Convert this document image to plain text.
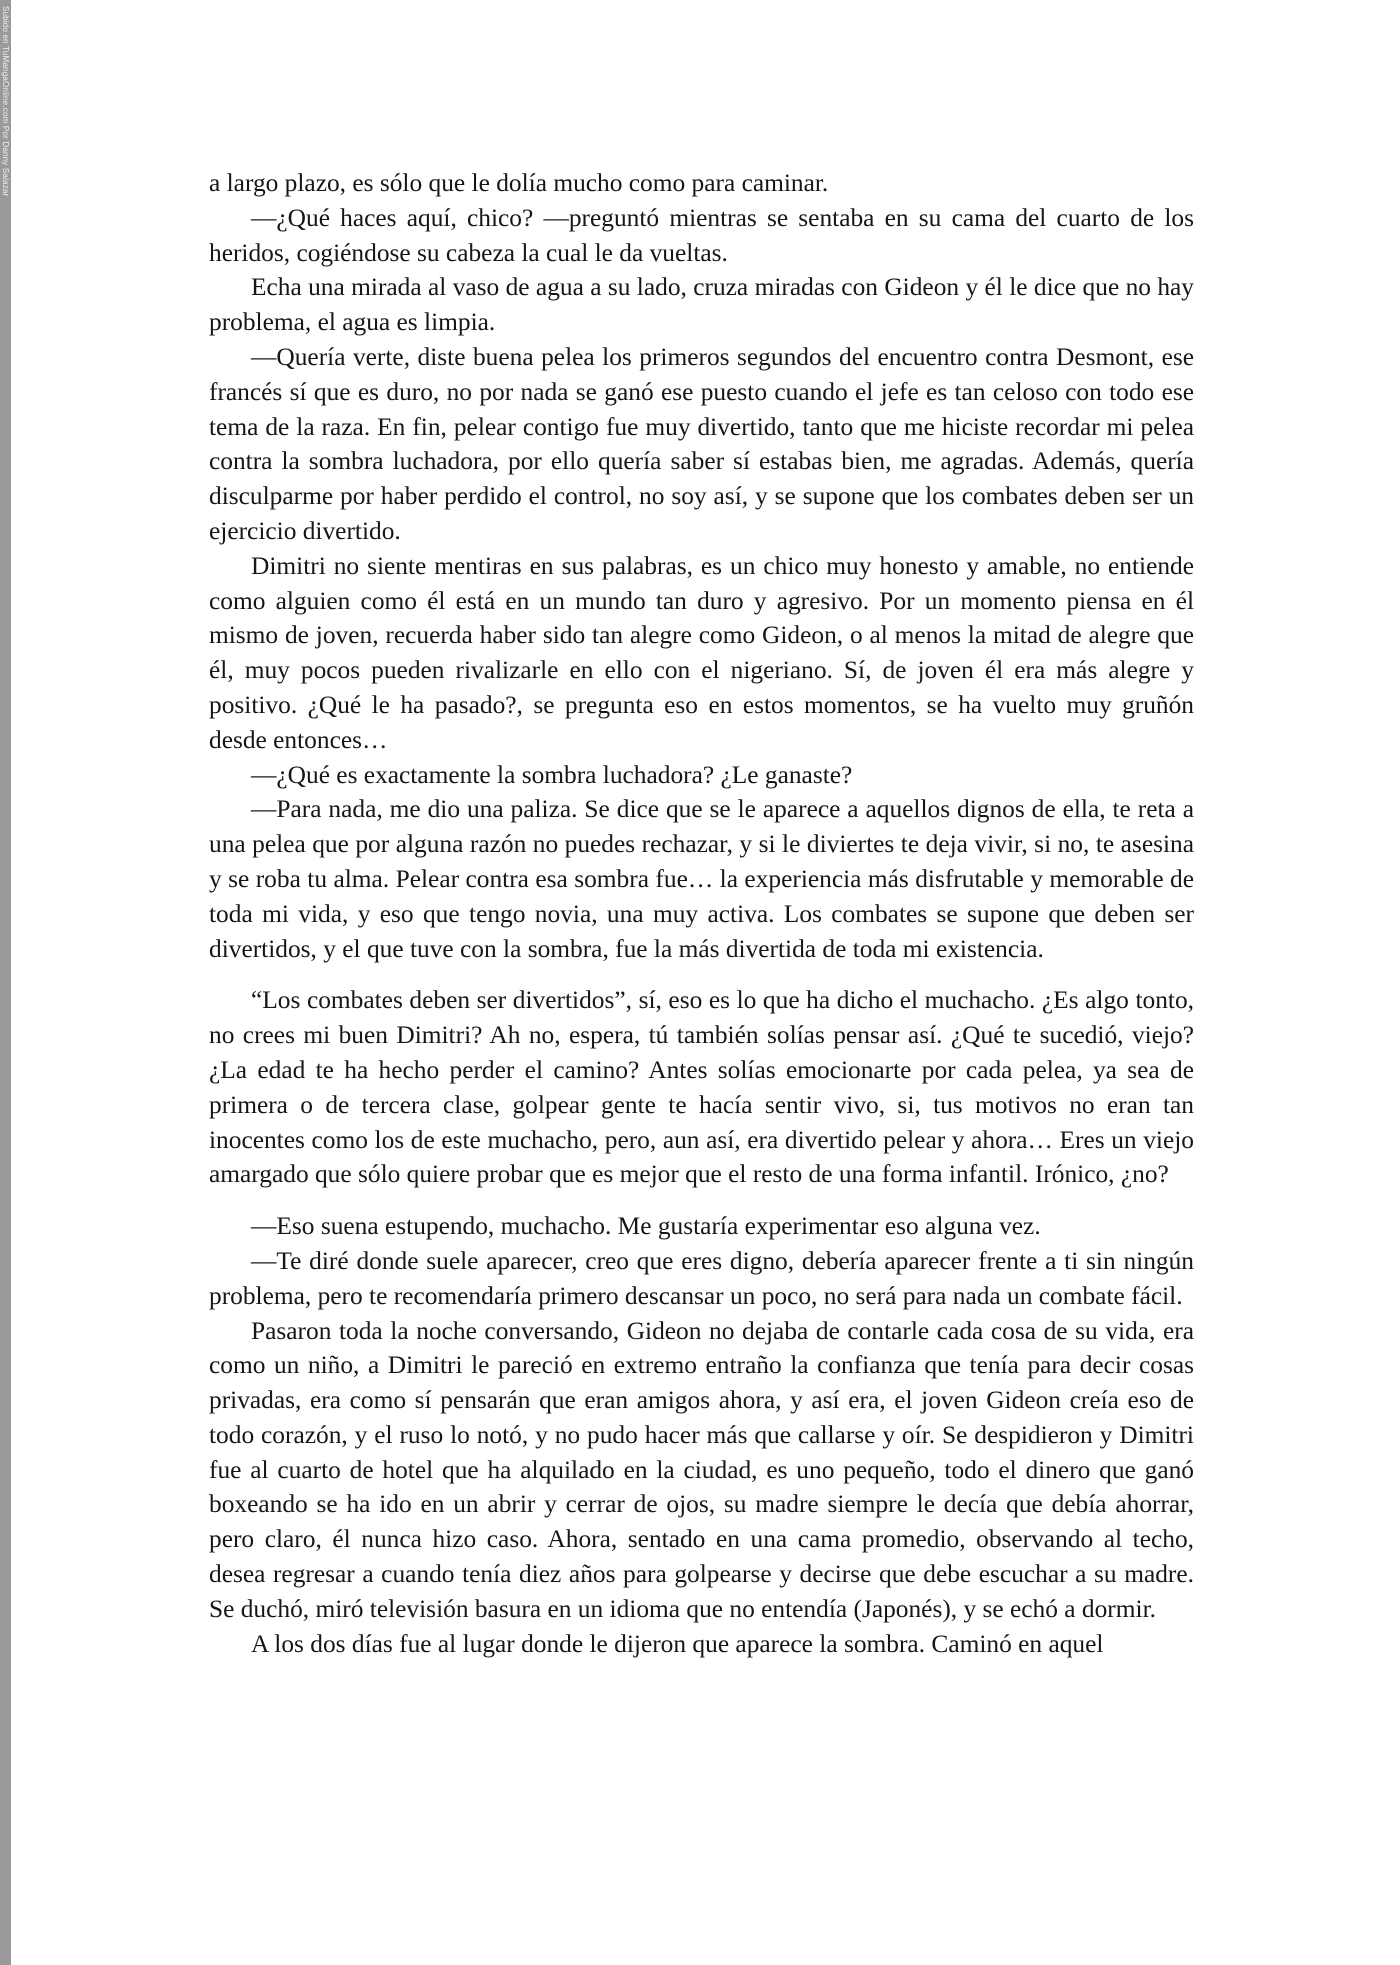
Subido en TuMangaOnline.com Por Danny Salazar	a largo plazo, es sólo que le dolía mucho como para caminar.

—¿Qué haces aquí, chico? —preguntó mientras se sentaba en su cama del cuarto de los heridos, cogiéndose su cabeza la cual le da vueltas.

Echa una mirada al vaso de agua a su lado, cruza miradas con Gideon y él le dice que no hay problema, el agua es limpia.

—Quería verte, diste buena pelea los primeros segundos del encuentro contra Desmont, ese francés sí que es duro, no por nada se ganó ese puesto cuando el jefe es tan celoso con todo ese tema de la raza. En fin, pelear contigo fue muy divertido, tanto que me hiciste recordar mi pelea contra la sombra luchadora, por ello quería saber sí estabas bien, me agradas. Además, quería disculparme por haber perdido el control, no soy así, y se supone que los combates deben ser un ejercicio divertido.

Dimitri no siente mentiras en sus palabras, es un chico muy honesto y amable, no entiende como alguien como él está en un mundo tan duro y agresivo. Por un momento piensa en él mismo de joven, recuerda haber sido tan alegre como Gideon, o al menos la mitad de alegre que él, muy pocos pueden rivalizarle en ello con el nigeriano. Sí, de joven él era más alegre y positivo. ¿Qué le ha pasado?, se pregunta eso en estos momentos, se ha vuelto muy gruñón desde entonces…

—¿Qué es exactamente la sombra luchadora? ¿Le ganaste?

—Para nada, me dio una paliza. Se dice que se le aparece a aquellos dignos de ella, te reta a una pelea que por alguna razón no puedes rechazar, y si le diviertes te deja vivir, si no, te asesina y se roba tu alma. Pelear contra esa sombra fue… la experiencia más disfrutable y memorable de toda mi vida, y eso que tengo novia, una muy activa. Los combates se supone que deben ser divertidos, y el que tuve con la sombra, fue la más divertida de toda mi existencia.

“Los combates deben ser divertidos”, sí, eso es lo que ha dicho el muchacho. ¿Es algo tonto, no crees mi buen Dimitri? Ah no, espera, tú también solías pensar así. ¿Qué te sucedió, viejo? ¿La edad te ha hecho perder el camino? Antes solías emocionarte por cada pelea, ya sea de primera o de tercera clase, golpear gente te hacía sentir vivo, si, tus motivos no eran tan inocentes como los de este muchacho, pero, aun así, era divertido pelear y ahora… Eres un viejo amargado que sólo quiere probar que es mejor que el resto de una forma infantil. Irónico, ¿no?

—Eso suena estupendo, muchacho. Me gustaría experimentar eso alguna vez.

—Te diré donde suele aparecer, creo que eres digno, debería aparecer frente a ti sin ningún problema, pero te recomendaría primero descansar un poco, no será para nada un combate fácil.

Pasaron toda la noche conversando, Gideon no dejaba de contarle cada cosa de su vida, era como un niño, a Dimitri le pareció en extremo entraño la confianza que tenía para decir cosas privadas, era como sí pensarán que eran amigos ahora, y así era, el joven Gideon creía eso de todo corazón, y el ruso lo notó, y no pudo hacer más que callarse y oír. Se despidieron y Dimitri fue al cuarto de hotel que ha alquilado en la ciudad, es uno pequeño, todo el dinero que ganó boxeando se ha ido en un abrir y cerrar de ojos, su madre siempre le decía que debía ahorrar, pero claro, él nunca hizo caso. Ahora, sentado en una cama promedio, observando al techo, desea regresar a cuando tenía diez años para golpearse y decirse que debe escuchar a su madre. Se duchó, miró televisión basura en un idioma que no entendía (Japonés), y se echó a dormir.

A los dos días fue al lugar donde le dijeron que aparece la sombra. Caminó en aquel
